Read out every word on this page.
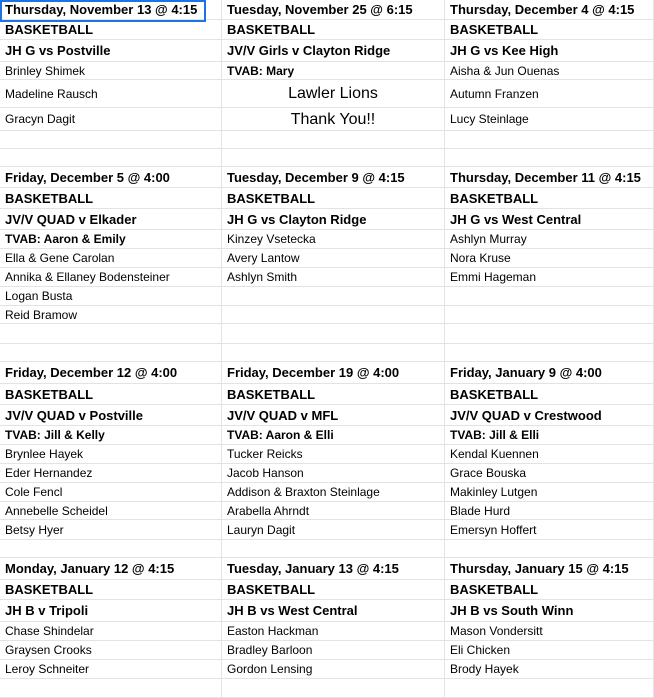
Thursday, November 13 @ 4:15
BASKETBALL
JH G vs Postville
Brinley Shimek
Madeline Rausch
Gracyn Dagit
Tuesday, November 25 @ 6:15
BASKETBALL
JV/V Girls v Clayton Ridge
TVAB: Mary
Lawler Lions
Thank You!!
Thursday, December 4 @ 4:15
BASKETBALL
JH G vs Kee High
Aisha & Jun Ouenas
Autumn Franzen
Lucy Steinlage
Friday, December 5 @ 4:00
BASKETBALL
JV/V QUAD v Elkader
TVAB: Aaron & Emily
Ella & Gene Carolan
Annika & Ellaney Bodensteiner
Logan Busta
Reid Bramow
Tuesday, December 9 @ 4:15
BASKETBALL
JH G vs Clayton Ridge
Kinzey Vsetecka
Avery Lantow
Ashlyn Smith
Thursday, December 11 @ 4:15
BASKETBALL
JH G vs West Central
Ashlyn Murray
Nora Kruse
Emmi Hageman
Friday, December 12 @ 4:00
BASKETBALL
JV/V QUAD v Postville
TVAB: Jill & Kelly
Brynlee Hayek
Eder Hernandez
Cole Fencl
Annebelle Scheidel
Betsy Hyer
Friday, December 19 @ 4:00
BASKETBALL
JV/V QUAD v MFL
TVAB: Aaron & Elli
Tucker Reicks
Jacob Hanson
Addison & Braxton Steinlage
Arabella Ahrndt
Lauryn Dagit
Friday, January 9 @ 4:00
BASKETBALL
JV/V QUAD v Crestwood
TVAB: Jill & Elli
Kendal Kuennen
Grace Bouska
Makinley Lutgen
Blade Hurd
Emersyn Hoffert
Monday, January 12 @ 4:15
BASKETBALL
JH B v Tripoli
Chase Shindelar
Graysen Crooks
Leroy Schneiter
Tuesday, January 13 @ 4:15
BASKETBALL
JH B vs West Central
Easton Hackman
Bradley Barloon
Gordon Lensing
Thursday, January 15 @ 4:15
BASKETBALL
JH B vs South Winn
Mason Vondersitt
Eli Chicken
Brody Hayek
